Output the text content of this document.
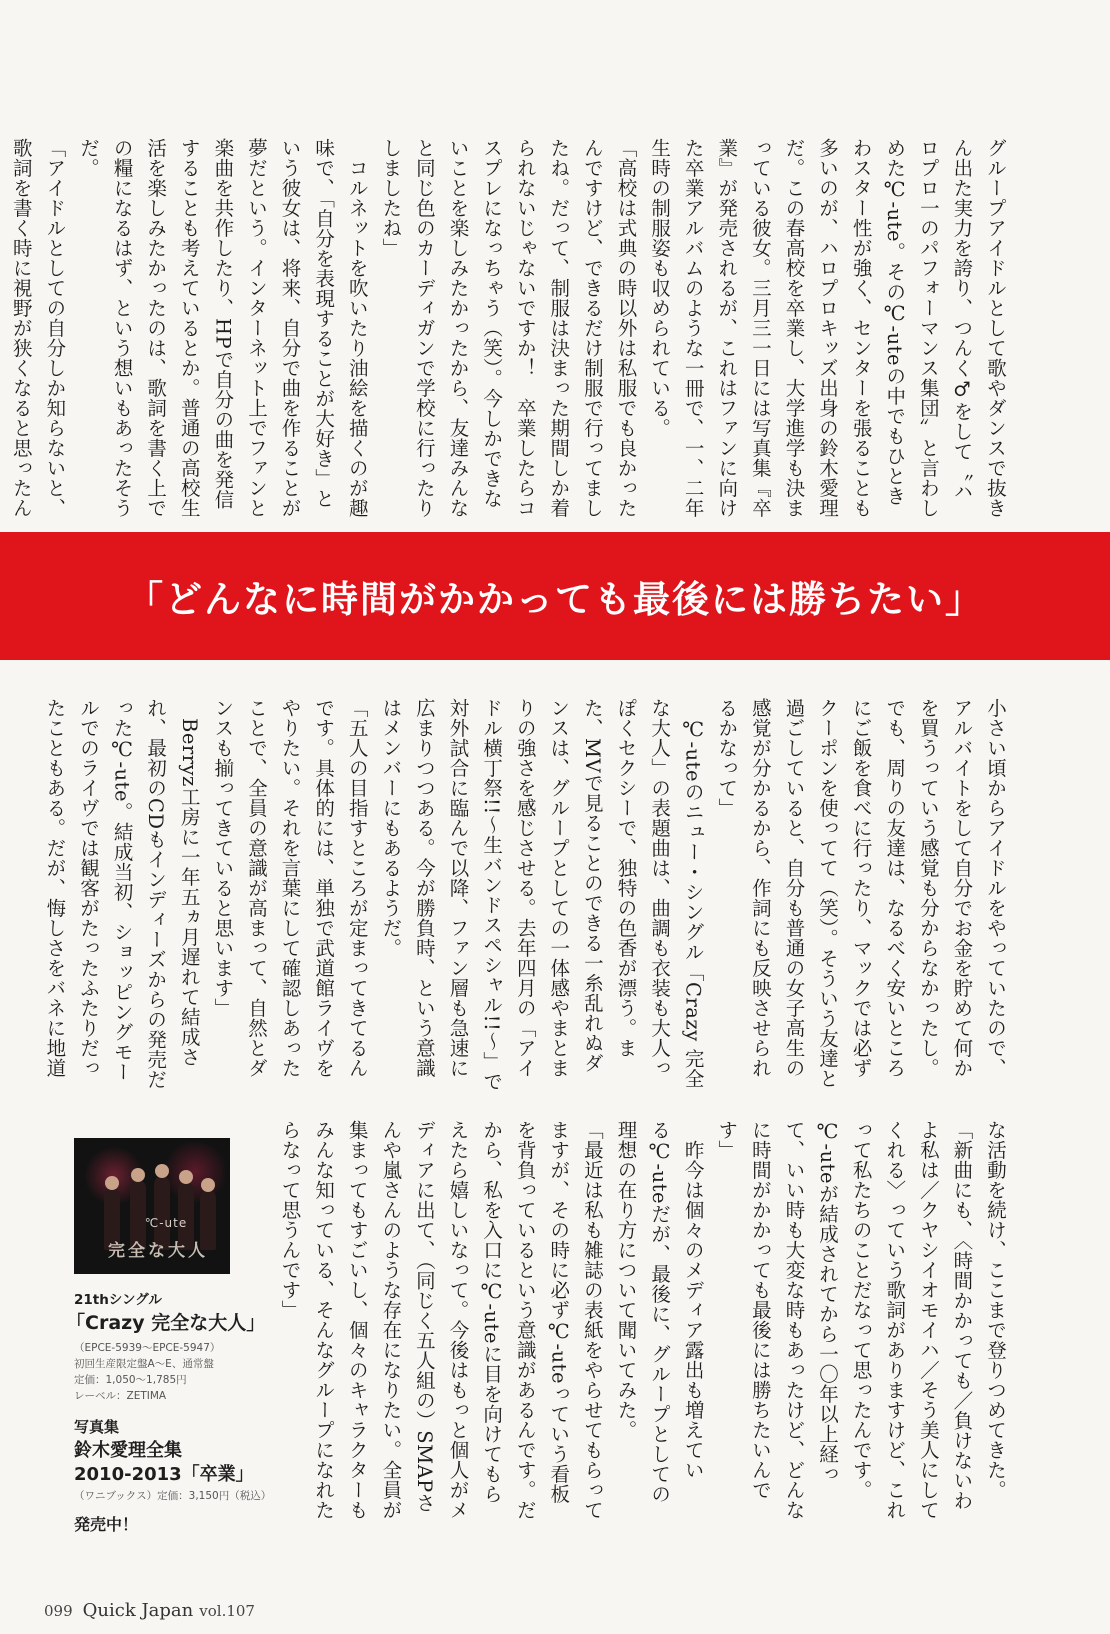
グループアイドルとして歌やダンスで抜きん出た実力を誇り、つんく♂をして〝ハロプロ一のパフォーマンス集団〟と言わしめた℃-ute。その℃-uteの中でもひときわスター性が強く、センターを張ることも多いのが、ハロプロキッズ出身の鈴木愛理だ。この春高校を卒業し、大学進学も決まっている彼女。三月三一日には写真集『卒業』が発売されるが、これはファンに向けた卒業アルバムのような一冊で、一、二年生時の制服姿も収められている。

「高校は式典の時以外は私服でも良かったんですけど、できるだけ制服で行ってましたね。だって、制服は決まった期間しか着られないじゃないですか！　卒業したらコスプレになっちゃう（笑）。今しかできないことを楽しみたかったから、友達みんなと同じ色のカーディガンで学校に行ったりしましたね」

　コルネットを吹いたり油絵を描くのが趣味で、「自分を表現することが大好き」という彼女は、将来、自分で曲を作ることが夢だという。インターネット上でファンと楽曲を共作したり、HPで自分の曲を発信することも考えているとか。普通の高校生活を楽しみたかったのは、歌詞を書く上での糧になるはず、という想いもあったそうだ。

「アイドルとしての自分しか知らないと、歌詞を書く時に視野が狭くなると思ったん

「どんなに時間がかかっても最後には勝ちたい」

小さい頃からアイドルをやっていたので、アルバイトをして自分でお金を貯めて何かを買うっていう感覚も分からなかったし。でも、周りの友達は、なるべく安いところにご飯を食べに行ったり、マックでは必ずクーポンを使ってて（笑）。そういう友達と過ごしていると、自分も普通の女子高生の感覚が分かるから、作詞にも反映させられるかなって」

　℃-uteのニュー・シングル「Crazy 完全な大人」の表題曲は、曲調も衣装も大人っぽくセクシーで、独特の色香が漂う。また、MVで見ることのできる一糸乱れぬダンスは、グループとしての一体感やまとまりの強さを感じさせる。去年四月の「アイドル横丁祭!!〜生バンドスペシャル!!〜」で対外試合に臨んで以降、ファン層も急速に広まりつつある。今が勝負時、という意識はメンバーにもあるようだ。

「五人の目指すところが定まってきてるんです。具体的には、単独で武道館ライヴをやりたい。それを言葉にして確認しあったことで、全員の意識が高まって、自然とダンスも揃ってきていると思います」

　Berryz工房に一年五ヵ月遅れて結成され、最初のCDもインディーズからの発売だった℃-ute。結成当初、ショッピングモールでのライヴでは観客がたったふたりだったこともある。だが、悔しさをバネに地道

な活動を続け、ここまで登りつめてきた。

「新曲にも、〈時間かかっても／負けないわよ私は／クヤシイオモイハ／そう美人にしてくれる〉っていう歌詞がありますけど、これって私たちのことだなって思ったんです。℃-uteが結成されてから一〇年以上経って、いい時も大変な時もあったけど、どんなに時間がかかっても最後には勝ちたいんです」

　昨今は個々のメディア露出も増えている℃-uteだが、最後に、グループとしての理想の在り方について聞いてみた。

「最近は私も雑誌の表紙をやらせてもらってますが、その時に必ず℃-uteっていう看板を背負っているという意識があるんです。だから、私を入口に℃-uteに目を向けてもらえたら嬉しいなって。今後はもっと個人がメディアに出て、（同じく五人組の）SMAPさんや嵐さんのような存在になりたい。全員が集まってもすごいし、個々のキャラクターもみんな知っている、そんなグループになれたらなって思うんです」

℃-ute
完全な大人
21thシングル
「Crazy 完全な大人」
（EPCE-5939〜EPCE-5947）
初回生産限定盤A〜E、通常盤
定価：1,050〜1,785円
レーベル：ZETIMA
写真集
鈴木愛理全集
2010-2013「卒業」
（ワニブックス）定価：3,150円（税込）
発売中！
099 Quick Japan vol.107
